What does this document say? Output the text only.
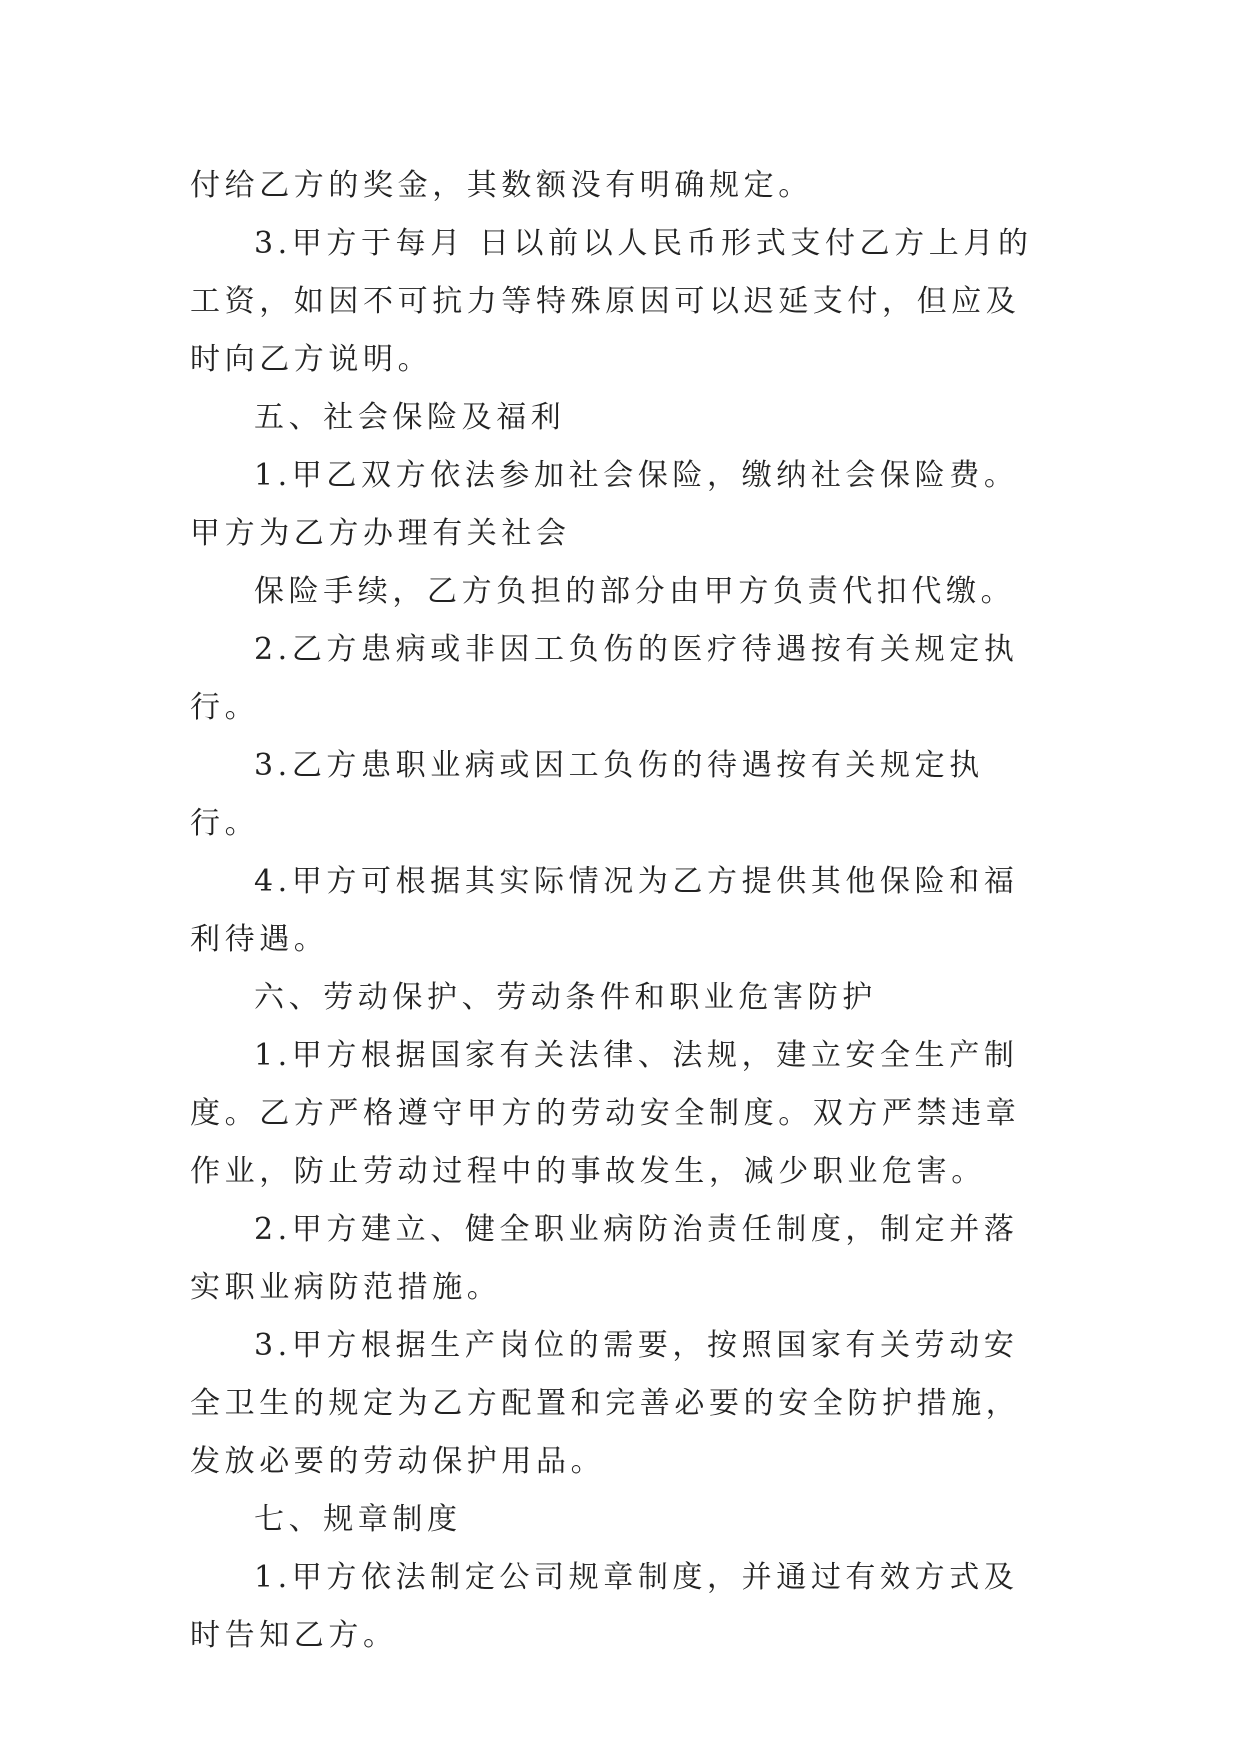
付给乙方的奖金，其数额没有明确规定。

3.甲方于每月 日以前以人民币形式支付乙方上月的工资，如因不可抗力等特殊原因可以迟延支付，但应及时向乙方说明。

五、社会保险及福利

1.甲乙双方依法参加社会保险，缴纳社会保险费。甲方为乙方办理有关社会

保险手续，乙方负担的部分由甲方负责代扣代缴。

2.乙方患病或非因工负伤的医疗待遇按有关规定执行。

3.乙方患职业病或因工负伤的待遇按有关规定执行。

4.甲方可根据其实际情况为乙方提供其他保险和福利待遇。

六、劳动保护、劳动条件和职业危害防护

1.甲方根据国家有关法律、法规，建立安全生产制度。乙方严格遵守甲方的劳动安全制度。双方严禁违章作业，防止劳动过程中的事故发生，减少职业危害。

2.甲方建立、健全职业病防治责任制度，制定并落实职业病防范措施。

3.甲方根据生产岗位的需要，按照国家有关劳动安全卫生的规定为乙方配置和完善必要的安全防护措施，发放必要的劳动保护用品。

七、规章制度

1.甲方依法制定公司规章制度，并通过有效方式及时告知乙方。
